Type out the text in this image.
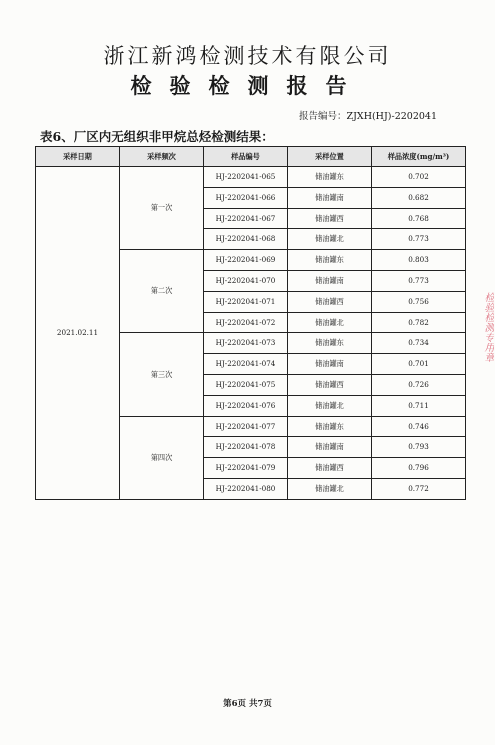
浙江新鸿检测技术有限公司
检验检测报告
报告编号：ZJXH(HJ)-2202041
表6、厂区内无组织非甲烷总烃检测结果：
采样日期	采样频次	样品编号	采样位置	样品浓度(mg/m³)
2021.02.11	第一次	HJ-2202041-065	储油罐东	0.702
		HJ-2202041-066	储油罐南	0.682
		HJ-2202041-067	储油罐西	0.768
		HJ-2202041-068	储油罐北	0.773
	第二次	HJ-2202041-069	储油罐东	0.803
		HJ-2202041-070	储油罐南	0.773
		HJ-2202041-071	储油罐西	0.756
		HJ-2202041-072	储油罐北	0.782
	第三次	HJ-2202041-073	储油罐东	0.734
		HJ-2202041-074	储油罐南	0.701
		HJ-2202041-075	储油罐西	0.726
		HJ-2202041-076	储油罐北	0.711
	第四次	HJ-2202041-077	储油罐东	0.746
		HJ-2202041-078	储油罐南	0.793
		HJ-2202041-079	储油罐西	0.796
		HJ-2202041-080	储油罐北	0.772
第6页 共7页
检验检测专用章
